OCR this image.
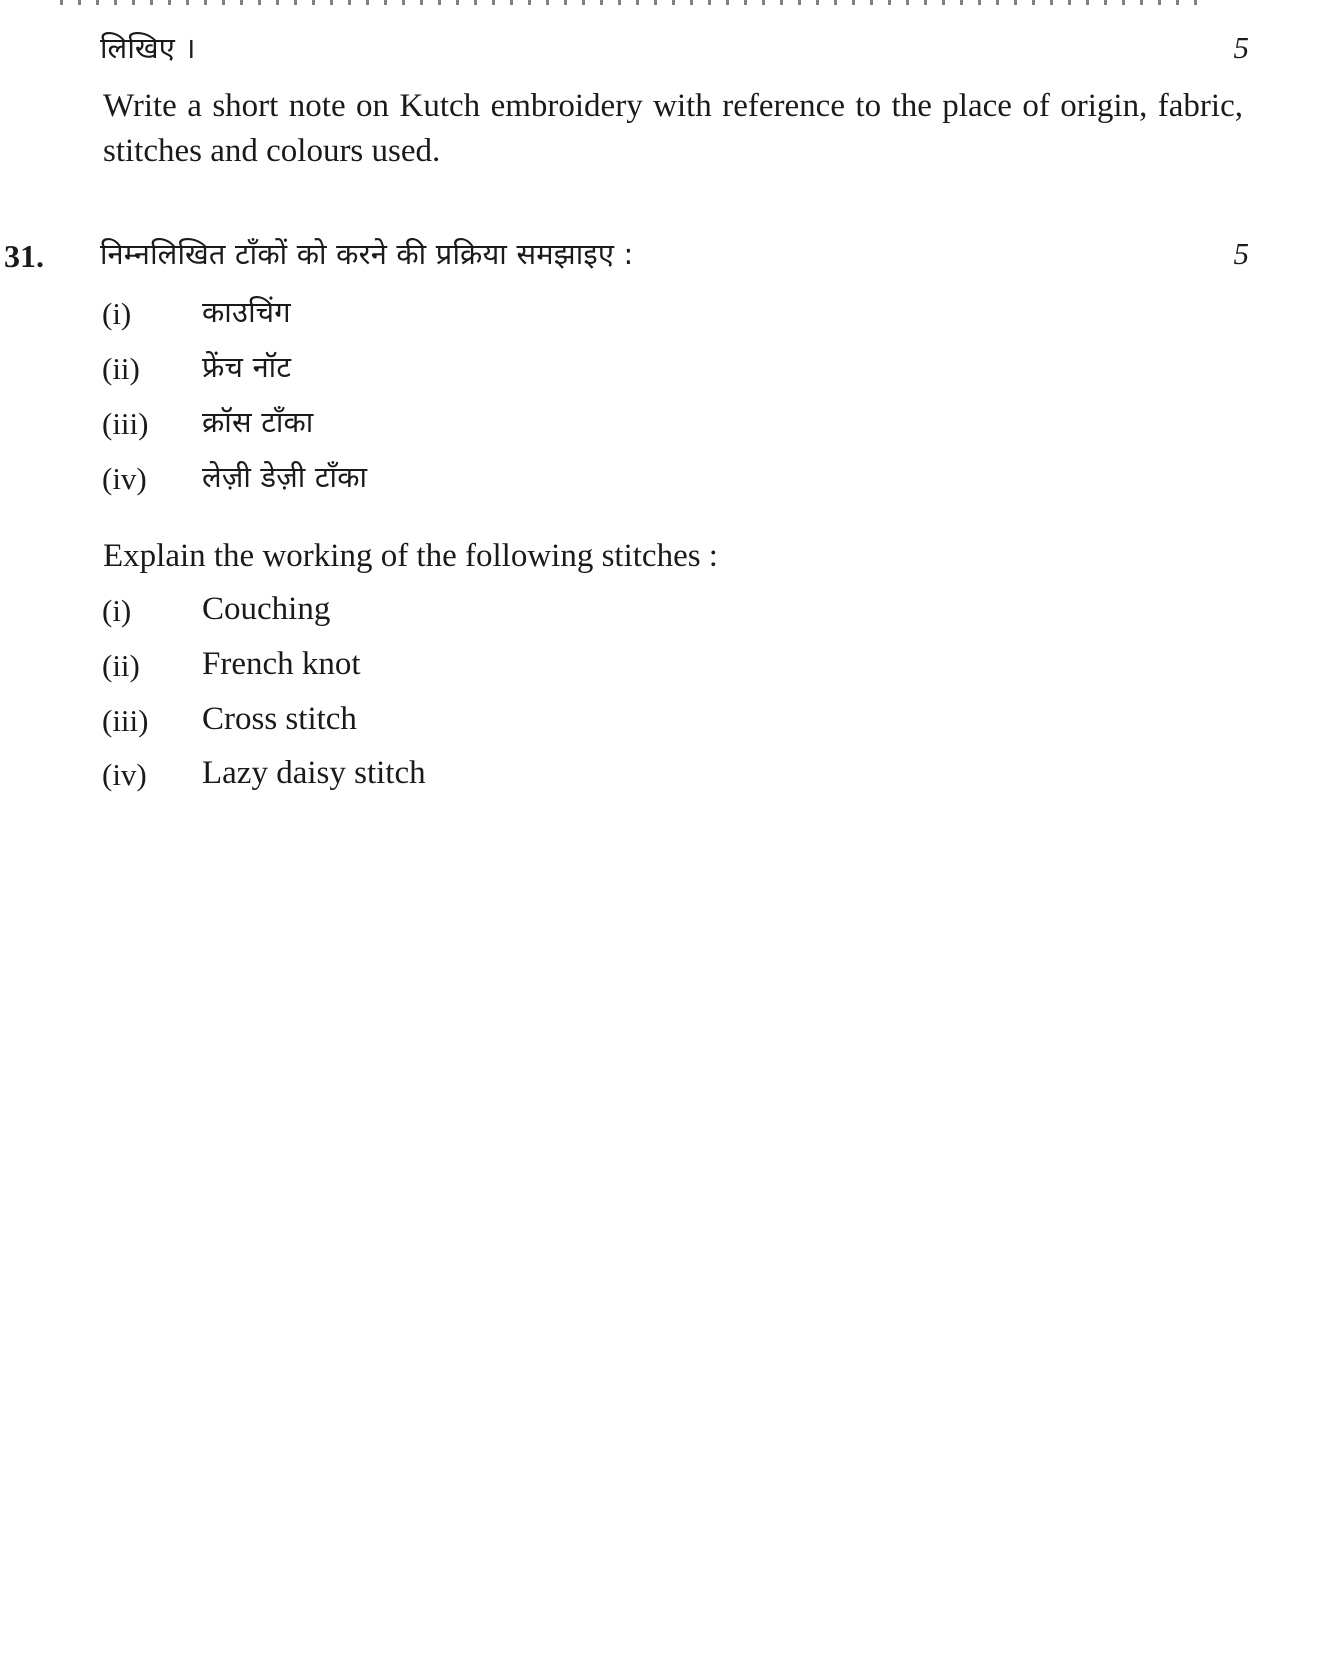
लिखिए ।	5
Write a short note on Kutch embroidery with reference to the place of origin, fabric, stitches and colours used.
31. निम्नलिखित टाँकों को करने की प्रक्रिया समझाइए :	5
(i) काउचिंग
(ii) फ्रेंच नॉट
(iii) क्रॉस टाँका
(iv) लेज़ी डेज़ी टाँका
Explain the working of the following stitches :
(i) Couching
(ii) French knot
(iii) Cross stitch
(iv) Lazy daisy stitch
